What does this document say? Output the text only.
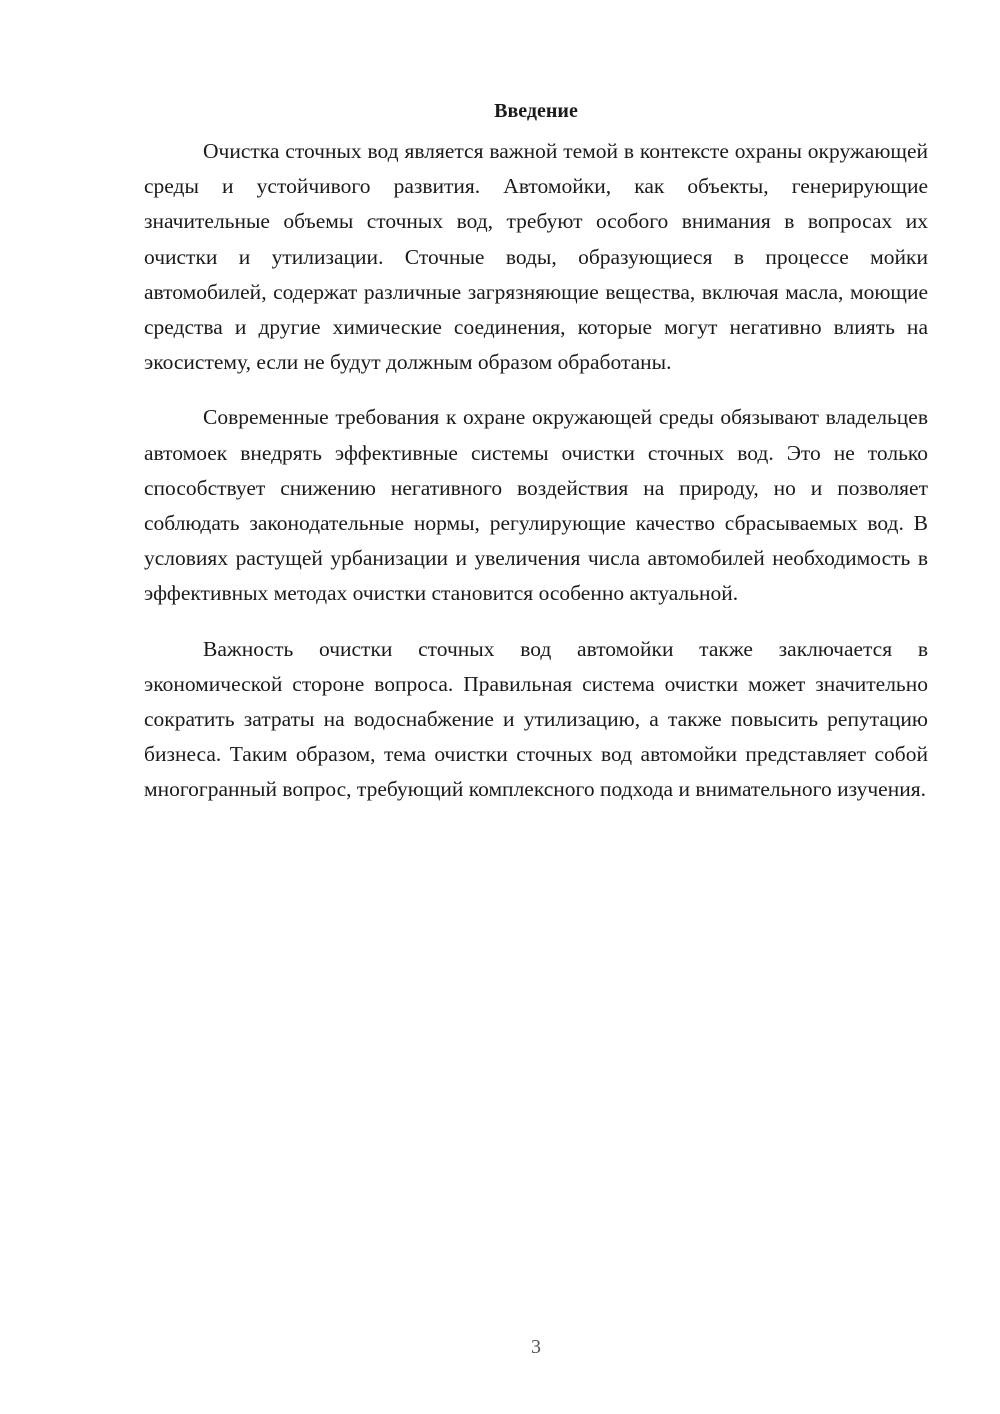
Введение

Очистка сточных вод является важной темой в контексте охраны окружающей среды и устойчивого развития. Автомойки, как объекты, генерирующие значительные объемы сточных вод, требуют особого внимания в вопросах их очистки и утилизации. Сточные воды, образующиеся в процессе мойки автомобилей, содержат различные загрязняющие вещества, включая масла, моющие средства и другие химические соединения, которые могут негативно влиять на экосистему, если не будут должным образом обработаны.

Современные требования к охране окружающей среды обязывают владельцев автомоек внедрять эффективные системы очистки сточных вод. Это не только способствует снижению негативного воздействия на природу, но и позволяет соблюдать законодательные нормы, регулирующие качество сбрасываемых вод. В условиях растущей урбанизации и увеличения числа автомобилей необходимость в эффективных методах очистки становится особенно актуальной.

Важность очистки сточных вод автомойки также заключается в экономической стороне вопроса. Правильная система очистки может значительно сократить затраты на водоснабжение и утилизацию, а также повысить репутацию бизнеса. Таким образом, тема очистки сточных вод автомойки представляет собой многогранный вопрос, требующий комплексного подхода и внимательного изучения.

3
